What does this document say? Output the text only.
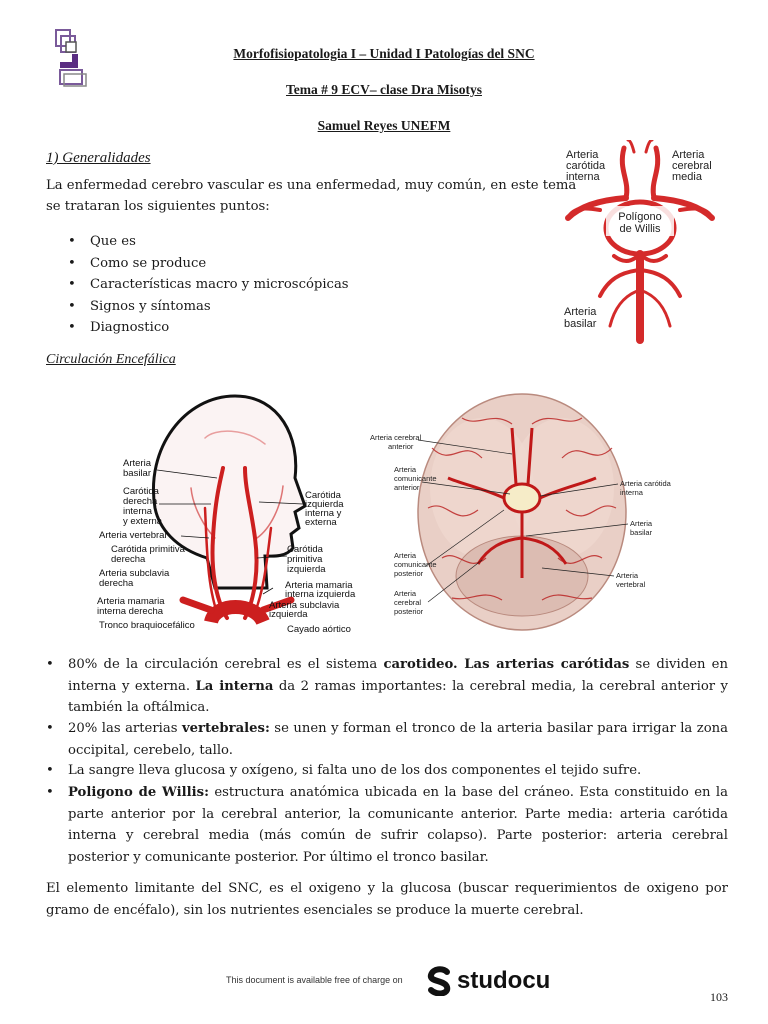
Morfofisiopatologia I – Unidad I Patologías del SNC
Tema # 9 ECV– clase Dra Misotys
Samuel Reyes UNEFM
1) Generalidades
La enfermedad cerebro vascular es una enfermedad, muy común, en este tema
se trataran los siguientes puntos:
• Que es
• Como se produce
• Características macro y microscópicas
• Signos y síntomas
• Diagnostico
Arteria carótida interna
Arteria cerebral media
Polígono de Willis
Arteria basilar
Circulación Encefálica
Arteria basilar
Carótida derecha interna y externa
Arteria vertebral
Carótida primitiva derecha
Arteria subclavia derecha
Arteria mamaria interna derecha
Tronco braquiocefálico
Carótida izquierda interna y externa
Carótida primitiva izquierda
Arteria mamaria interna izquierda
Arteria subclavia izquierda
Cayado aórtico
Arteria cerebral anterior
Arteria comunicante anterior	Arteria carótida interna
Arteria basilar
Arteria comunicante posterior	Arteria vertebral
Arteria cerebral posterior
• 80% de la circulación cerebral es el sistema carotideo. Las arterias carótidas se dividen en interna y externa. La interna da 2 ramas importantes: la cerebral media, la cerebral anterior y también la oftálmica.
• 20% las arterias vertebrales: se unen y forman el tronco de la arteria basilar para irrigar la zona occipital, cerebelo, tallo.
• La sangre lleva glucosa y oxígeno, si falta uno de los dos componentes el tejido sufre.
• Poligono de Willis: estructura anatómica ubicada en la base del cráneo. Esta constituido en la parte anterior por la cerebral anterior, la comunicante anterior. Parte media: arteria carótida interna y cerebral media (más común de sufrir colapso). Parte posterior: arteria cerebral posterior y comunicante posterior. Por último el tronco basilar.
El elemento limitante del SNC, es el oxigeno y la glucosa (buscar requerimientos de oxigeno por gramo de encéfalo), sin los nutrientes esenciales se produce la muerte cerebral.
This document is available free of charge on	studocu
103
